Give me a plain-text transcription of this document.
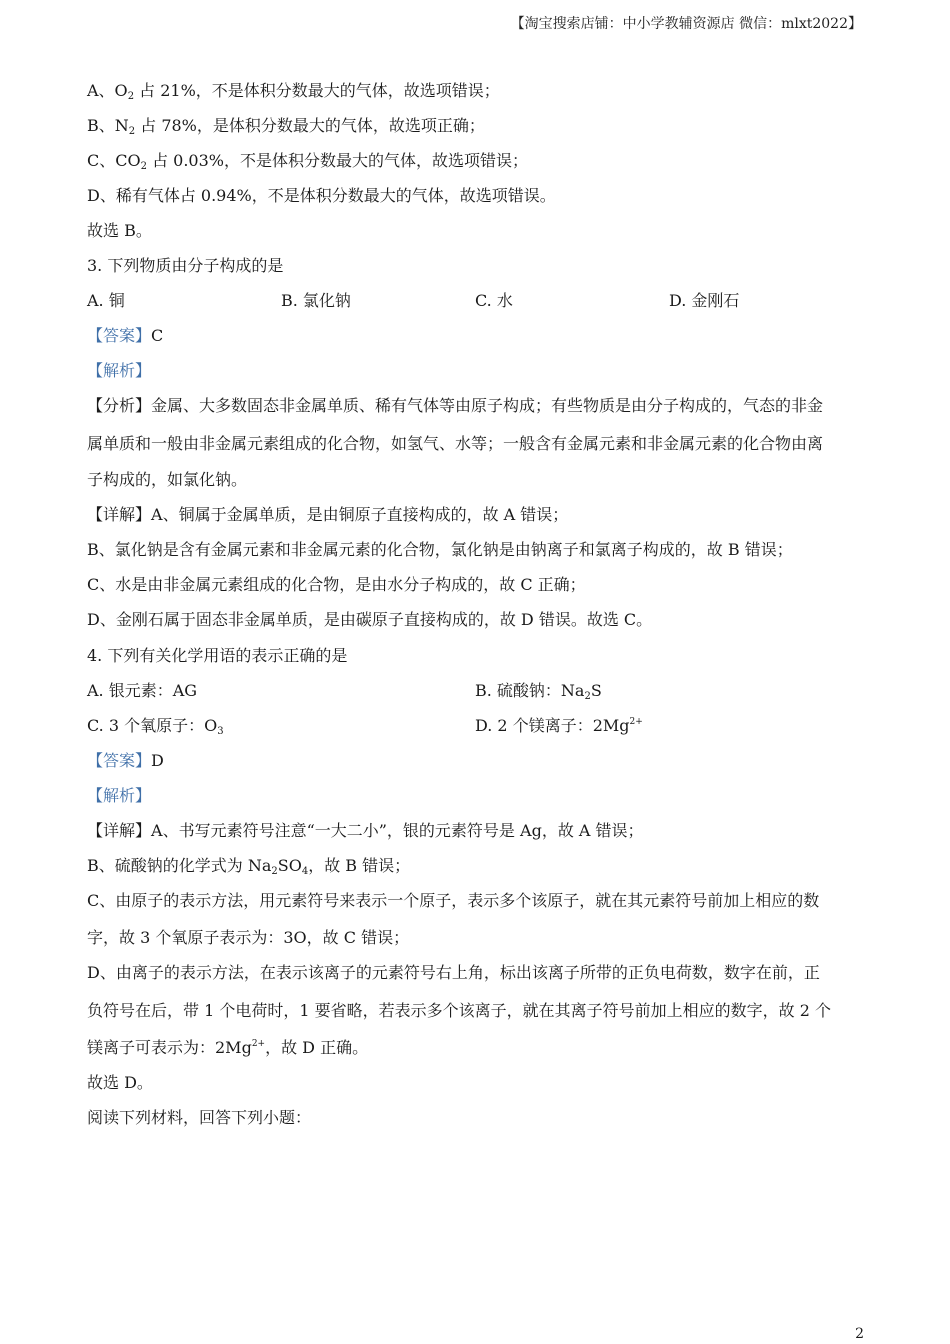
【淘宝搜索店铺：中小学教辅资源店 微信：mlxt2022】
A、$O_2$ 占 21%，不是体积分数最大的气体，故选项错误；
B、$N_2$ 占 78%，是体积分数最大的气体，故选项正确；
C、$CO_2$ 占 0.03%，不是体积分数最大的气体，故选项错误；
D、稀有气体占 0.94%，不是体积分数最大的气体，故选项错误。
故选 B。
3. 下列物质由分子构成的是
A. 铜	B. 氯化钠	C. 水	D. 金刚石
【答案】C
【解析】
【分析】金属、大多数固态非金属单质、稀有气体等由原子构成；有些物质是由分子构成的，气态的非金
属单质和一般由非金属元素组成的化合物，如氢气、水等；一般含有金属元素和非金属元素的化合物由离
子构成的，如氯化钠。
【详解】A、铜属于金属单质，是由铜原子直接构成的，故 A 错误；
B、氯化钠是含有金属元素和非金属元素的化合物，氯化钠是由钠离子和氯离子构成的，故 B 错误；
C、水是由非金属元素组成的化合物，是由水分子构成的，故 C 正确；
D、金刚石属于固态非金属单质，是由碳原子直接构成的，故 D 错误。故选 C。
4. 下列有关化学用语的表示正确的是
A. 银元素：AG	B. 硫酸钠：$Na_2S$
C. 3 个氧原子：$O_3$	D. 2 个镁离子：$2Mg^{2+}$
【答案】D
【解析】
【详解】A、书写元素符号注意“一大二小”，银的元素符号是 Ag，故 A 错误；
B、硫酸钠的化学式为 $Na_2SO_4$，故 B 错误；
C、由原子的表示方法，用元素符号来表示一个原子，表示多个该原子，就在其元素符号前加上相应的数
字，故 3 个氧原子表示为：3O，故 C 错误；
D、由离子的表示方法，在表示该离子的元素符号右上角，标出该离子所带的正负电荷数，数字在前，正
负符号在后，带 1 个电荷时，1 要省略，若表示多个该离子，就在其离子符号前加上相应的数字，故 2 个
镁离子可表示为：$2Mg^{2+}$，故 D 正确。
故选 D。
阅读下列材料，回答下列小题：
2
